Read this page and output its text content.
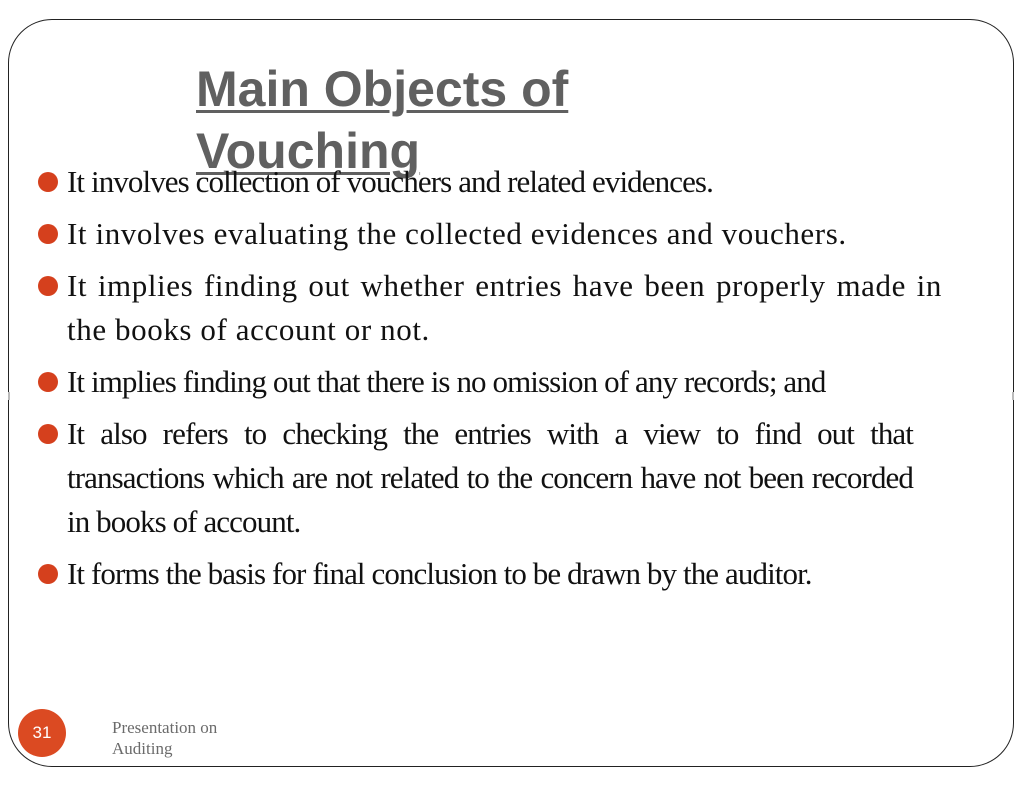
Main Objects of Vouching
It involves collection of vouchers and related evidences.
It involves evaluating the collected evidences and vouchers.
It implies finding out whether entries have been properly made in the books of account or not.
It implies finding out that there is no omission of any records; and
It also refers to checking the entries with a view to find out that transactions which are not related to the concern have not been recorded in books of account.
It forms the basis for final conclusion to be drawn by the auditor.
31	Presentation on Auditing
